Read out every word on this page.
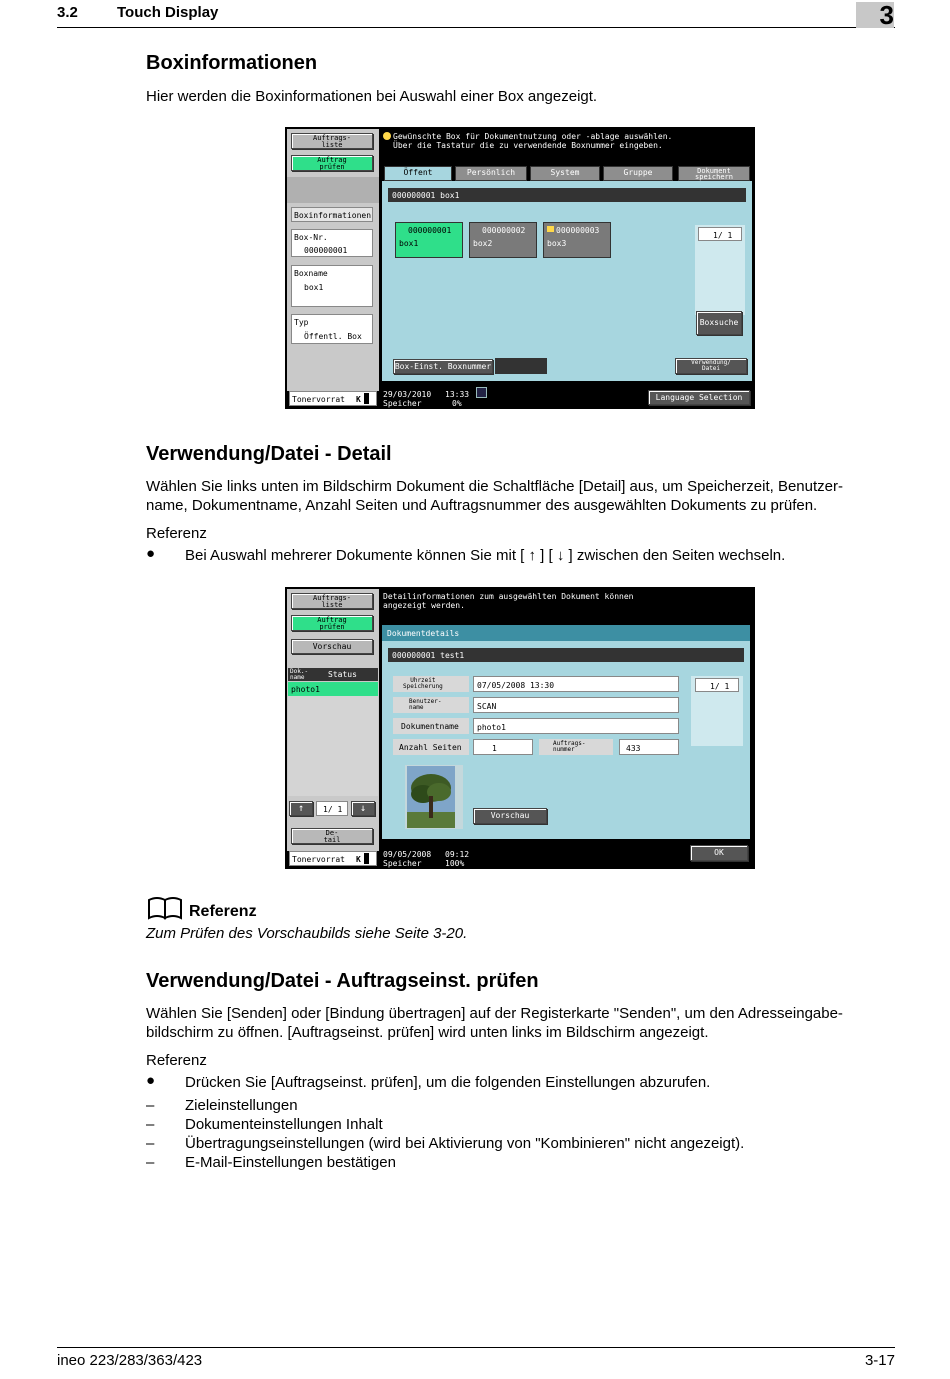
3.2	Touch Display	3
Boxinformationen
Hier werden die Boxinformationen bei Auswahl einer Box angezeigt.
Auftrags-
liste
Auftrag
prüfen
Boxinformationen
Box-Nr.
000000001
Boxname
box1
Typ
Öffentl. Box
Tonervorrat K
Gewünschte Box für Dokumentnutzung oder -ablage auswählen.
Über die Tastatur die zu verwendende Boxnummer eingeben.
Öffent	Persönlich	System	Gruppe	Dokument
speichern
000000001 box1
000000001
box1
000000002
box2
000000003
box3
1/ 1
Boxsuche
Box-Einst. Boxnummer	Verwendung/
Datei
29/03/2010 13:33
Speicher	0%
Language Selection
Verwendung/Datei - Detail
Wählen Sie links unten im Bildschirm Dokument die Schaltfläche [Detail] aus, um Speicherzeit, Benutzer-
name, Dokumentname, Anzahl Seiten und Auftragsnummer des ausgewählten Dokuments zu prüfen.
Referenz
● Bei Auswahl mehrerer Dokumente können Sie mit [ ↑ ] [ ↓ ] zwischen den Seiten wechseln.
Auftrags-
liste
Auftrag
prüfen
Vorschau
Dok.-
name	Status
photo1
↑	1/ 1	↓
De-
tail
Tonervorrat K
Detailinformationen zum ausgewählten Dokument können
angezeigt werden.
Dokumentdetails
000000001 test1
Uhrzeit
Speicherung	07/05/2008 13:30
Benutzer-
name	SCAN
Dokumentname photo1
Anzahl Seiten	1
Auftrags-
nummer	433
1/ 1
Vorschau
OK
09/05/2008 09:12
Speicher	100%
Referenz
Zum Prüfen des Vorschaubilds siehe Seite 3-20.
Verwendung/Datei - Auftragseinst. prüfen
Wählen Sie [Senden] oder [Bindung übertragen] auf der Registerkarte "Senden", um den Adresseingabe-
bildschirm zu öffnen. [Auftragseinst. prüfen] wird unten links im Bildschirm angezeigt.
Referenz
● Drücken Sie [Auftragseinst. prüfen], um die folgenden Einstellungen abzurufen.
– Zieleinstellungen
– Dokumenteinstellungen Inhalt
– Übertragungseinstellungen (wird bei Aktivierung von "Kombinieren" nicht angezeigt).
– E-Mail-Einstellungen bestätigen
ineo 223/283/363/423	3-17
